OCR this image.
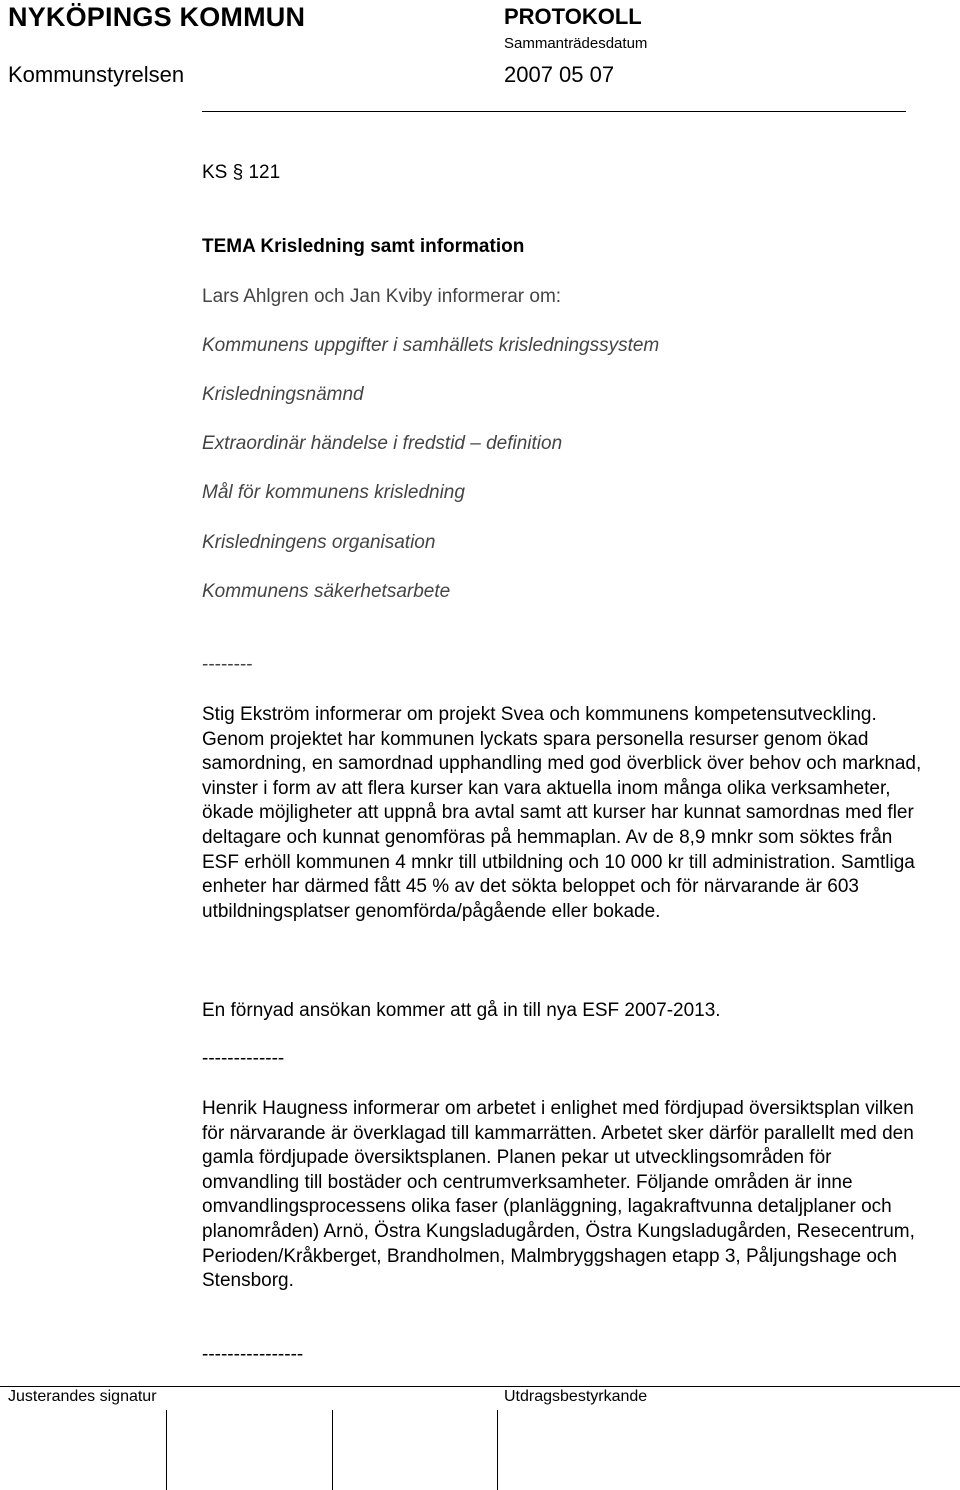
NYKÖPINGS KOMMUN	PROTOKOLL
Sammanträdesdatum
Kommunstyrelsen	2007 05 07
KS § 121
TEMA Krisledning samt information
Lars Ahlgren och Jan Kviby informerar om:
Kommunens uppgifter i samhällets krisledningssystem
Krisledningsnämnd
Extraordinär händelse i fredstid – definition
Mål för kommunens krisledning
Krisledningens organisation
Kommunens säkerhetsarbete
--------
Stig Ekström informerar om projekt Svea och kommunens kompetensutveckling. Genom projektet har kommunen lyckats spara personella resurser genom ökad samordning, en samordnad upphandling med god överblick över behov och marknad, vinster i form av att flera kurser kan vara aktuella inom många olika verksamheter, ökade möjligheter att uppnå bra avtal samt att kurser har kunnat samordnas med fler deltagare och kunnat genomföras på hemmaplan. Av de 8,9 mnkr som söktes från ESF erhöll kommunen 4 mnkr till utbildning och 10 000 kr till administration. Samtliga enheter har därmed fått 45 % av det sökta beloppet och för närvarande är 603 utbildningsplatser genomförda/pågående eller bokade.
En förnyad ansökan kommer att gå in till nya ESF 2007-2013.
-------------
Henrik Haugness informerar om arbetet i enlighet med fördjupad översiktsplan vilken för närvarande är överklagad till kammarrätten. Arbetet sker därför parallellt med den gamla fördjupade översiktsplanen. Planen pekar ut utvecklingsområden för omvandling till bostäder och centrumverksamheter. Följande områden är inne omvandlingsprocessens olika faser (planläggning, lagakraftvunna detaljplaner och planområden) Arnö, Östra Kungsladugården, Östra Kungsladugården, Resecentrum, Perioden/Kråkberget, Brandholmen, Malmbryggshagen etapp 3, Påljungshage och Stensborg.
----------------
Justerandes signatur	Utdragsbestyrkande
